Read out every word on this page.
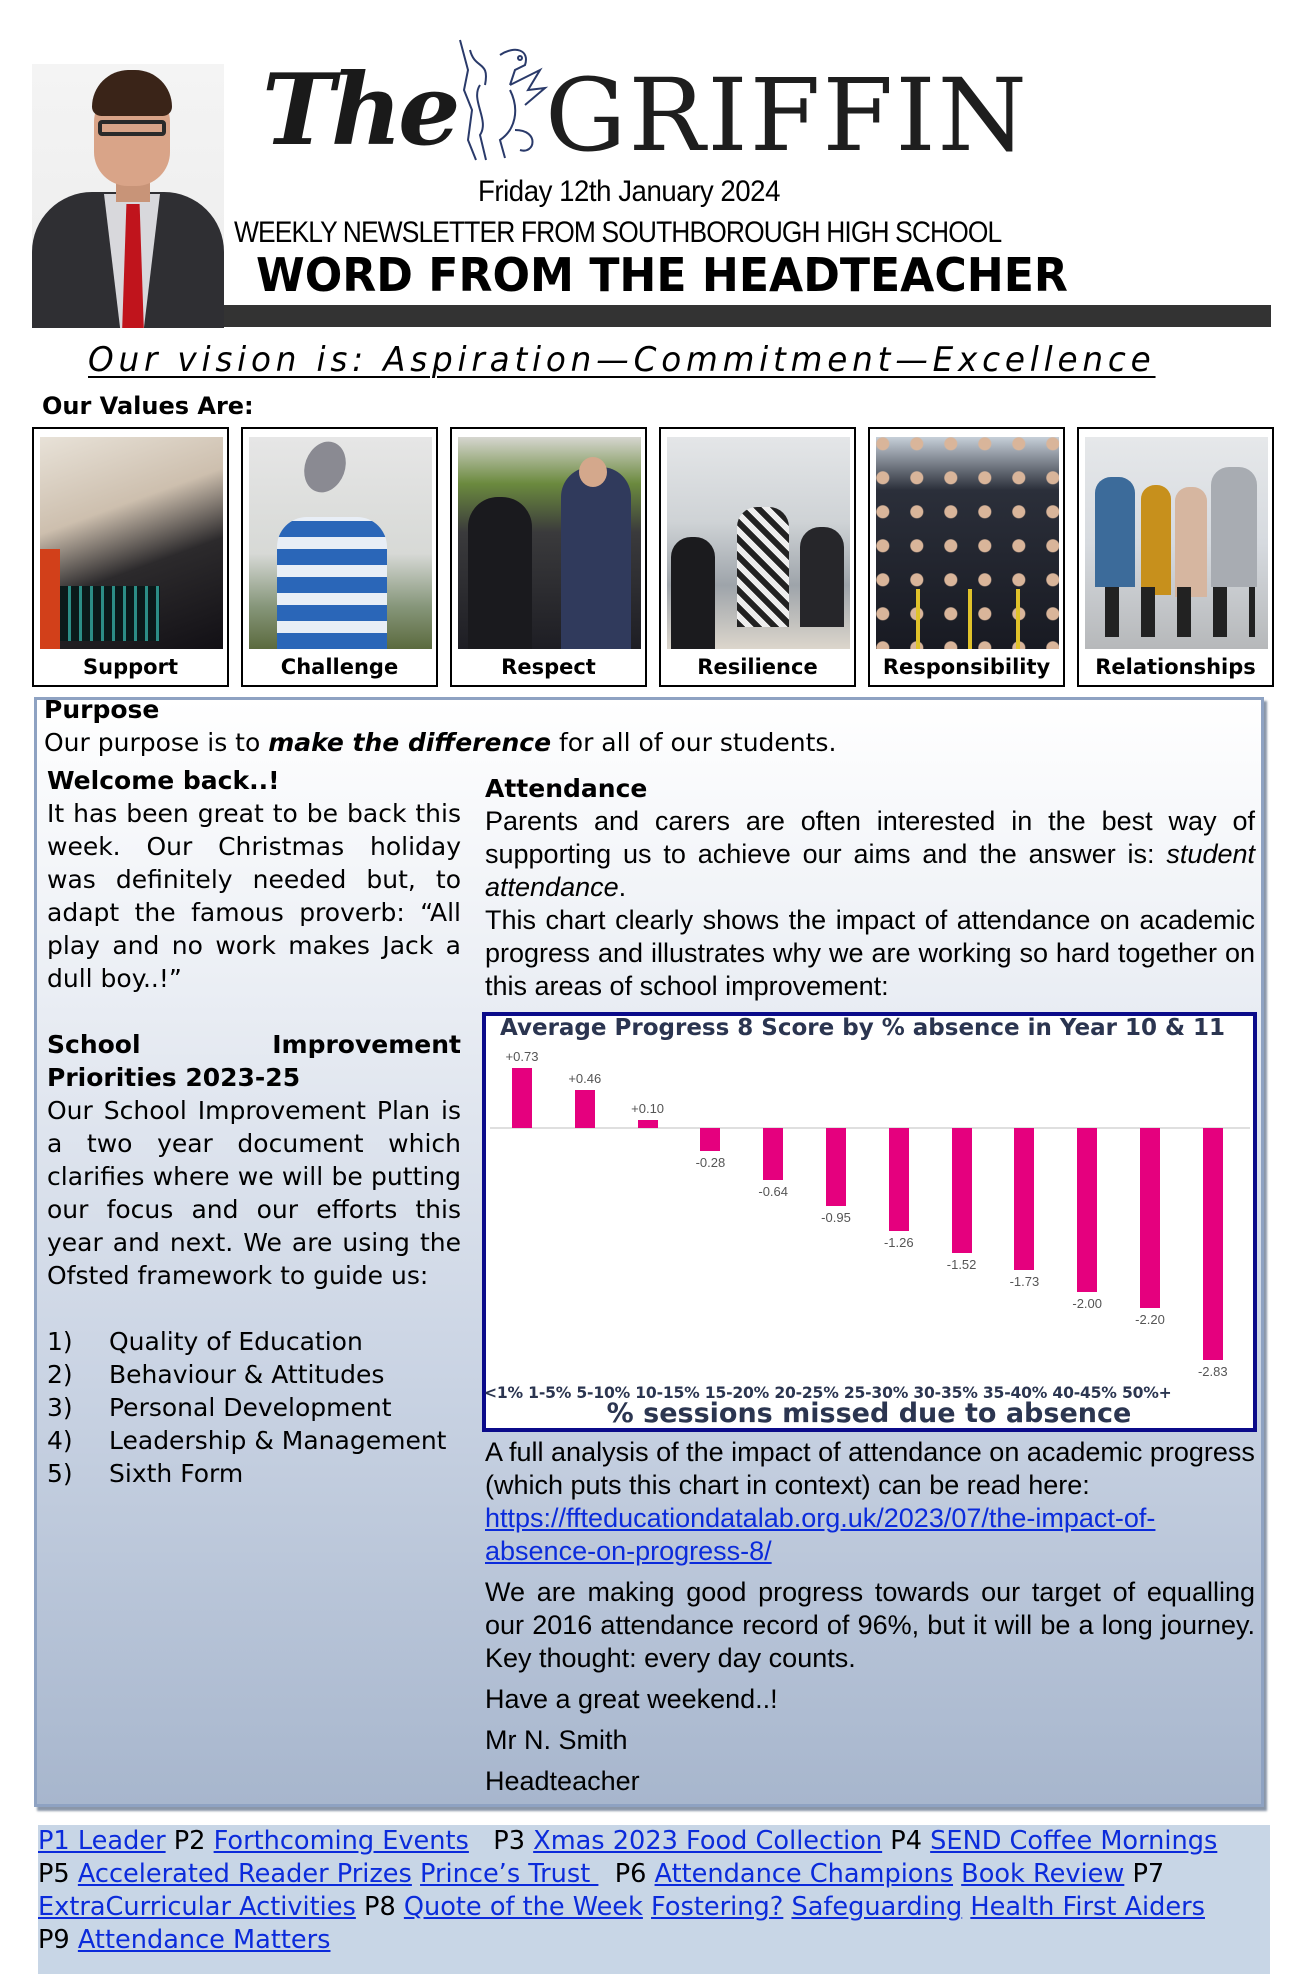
The GRIFFIN
Friday 12th January 2024
WEEKLY NEWSLETTER FROM SOUTHBOROUGH HIGH SCHOOL
WORD FROM THE HEADTEACHER
Our vision is: Aspiration—Commitment—Excellence
Our Values Are:
Support	Challenge	Respect	Resilience	Responsibility	Relationships
Purpose
Our purpose is to make the difference for all of our students.
Welcome back..!

It has been great to be back this week. Our Christmas holiday was definitely needed but, to adapt the famous proverb: “All play and no work makes Jack a dull boy..!”

School Improvement Priorities 2023-25

Our School Improvement Plan is a two year document which clarifies where we will be putting our focus and our efforts this year and next. We are using the Ofsted framework to guide us:

1)	Quality of Education
2)	Behaviour & Attitudes
3)	Personal Development
4)	Leadership & Management
5)	Sixth Form
Attendance

Parents and carers are often interested in the best way of supporting us to achieve our aims and the answer is: student attendance.

This chart clearly shows the impact of attendance on academic progress and illustrates why we are working so hard together on this areas of school improvement:

Average Progress 8 Score by % absence in Year 10 & 11
+0.73
+0.46
+0.10
-0.28
-0.64
-0.95
-1.26
-1.52
-1.73
-2.00
-2.20
-2.83
<1% 1-5% 5-10% 10-15% 15-20% 20-25% 25-30% 30-35% 35-40% 40-45% 50%+
% sessions missed due to absence

A full analysis of the impact of attendance on academic progress (which puts this chart in context) can be read here: https://ffteducationdatalab.org.uk/2023/07/the-impact-of-absence-on-progress-8/

We are making good progress towards our target of equalling our 2016 attendance record of 96%, but it will be a long journey. Key thought: every day counts.

Have a great weekend..!

Mr N. Smith

Headteacher

P1 Leader P2 Forthcoming Events   P3 Xmas 2023 Food Collection P4 SEND Coffee Mornings
P5 Accelerated Reader Prizes Prince’s Trust   P6 Attendance Champions Book Review P7
ExtraCurricular Activities P8 Quote of the Week Fostering? Safeguarding Health First Aiders
P9 Attendance Matters
